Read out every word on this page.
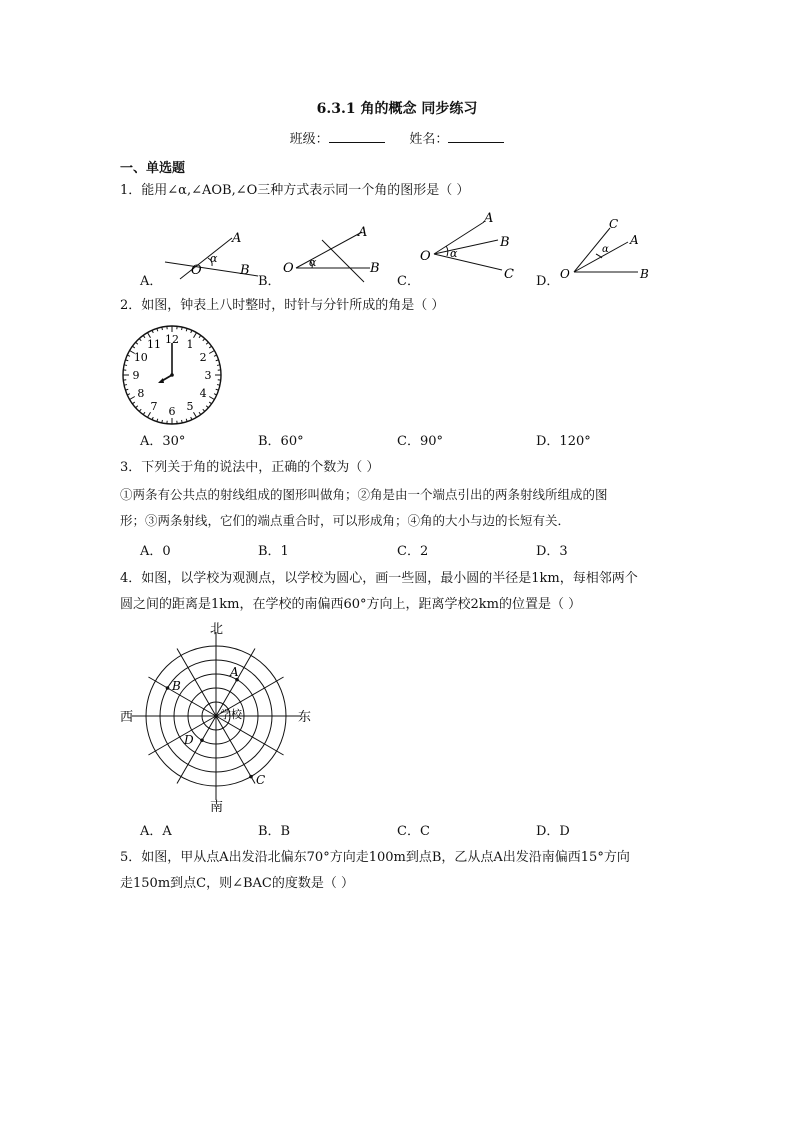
6.3.1 角的概念 同步练习
班级：	姓名：
一、单选题
1．能用∠α,∠AOB,∠O三种方式表示同一个角的图形是（ ）
A．
A
α
O	B
B．
A
O α	B
C．
A
B
O α
C D．
C
α
A
O	B
2．如图，钟表上八时整时，时针与分针所成的角是（ ）
12 1
2
3
4
5
6
7
8
9
10
11
A．30°	B．60°	C．90°	D．120°
3．下列关于角的说法中，正确的个数为（ ）
①两条有公共点的射线组成的图形叫做角；②角是由一个端点引出的两条射线所组成的图
形；③两条射线，它们的端点重合时，可以形成角；④角的大小与边的长短有关．
A．0	B．1	C．2	D．3
4．如图，以学校为观测点，以学校为圆心，画一些圆，最小圆的半径是1km，每相邻两个
圆之间的距离是1km，在学校的南偏西60°方向上，距离学校2km的位置是（ ）
北
南
西	东
学校
A
B
C
D
A．A	B．B	C．C	D．D
5．如图，甲从点A出发沿北偏东70°方向走100m到点B，乙从点A出发沿南偏西15°方向
走150m到点C，则∠BAC的度数是（ ）
